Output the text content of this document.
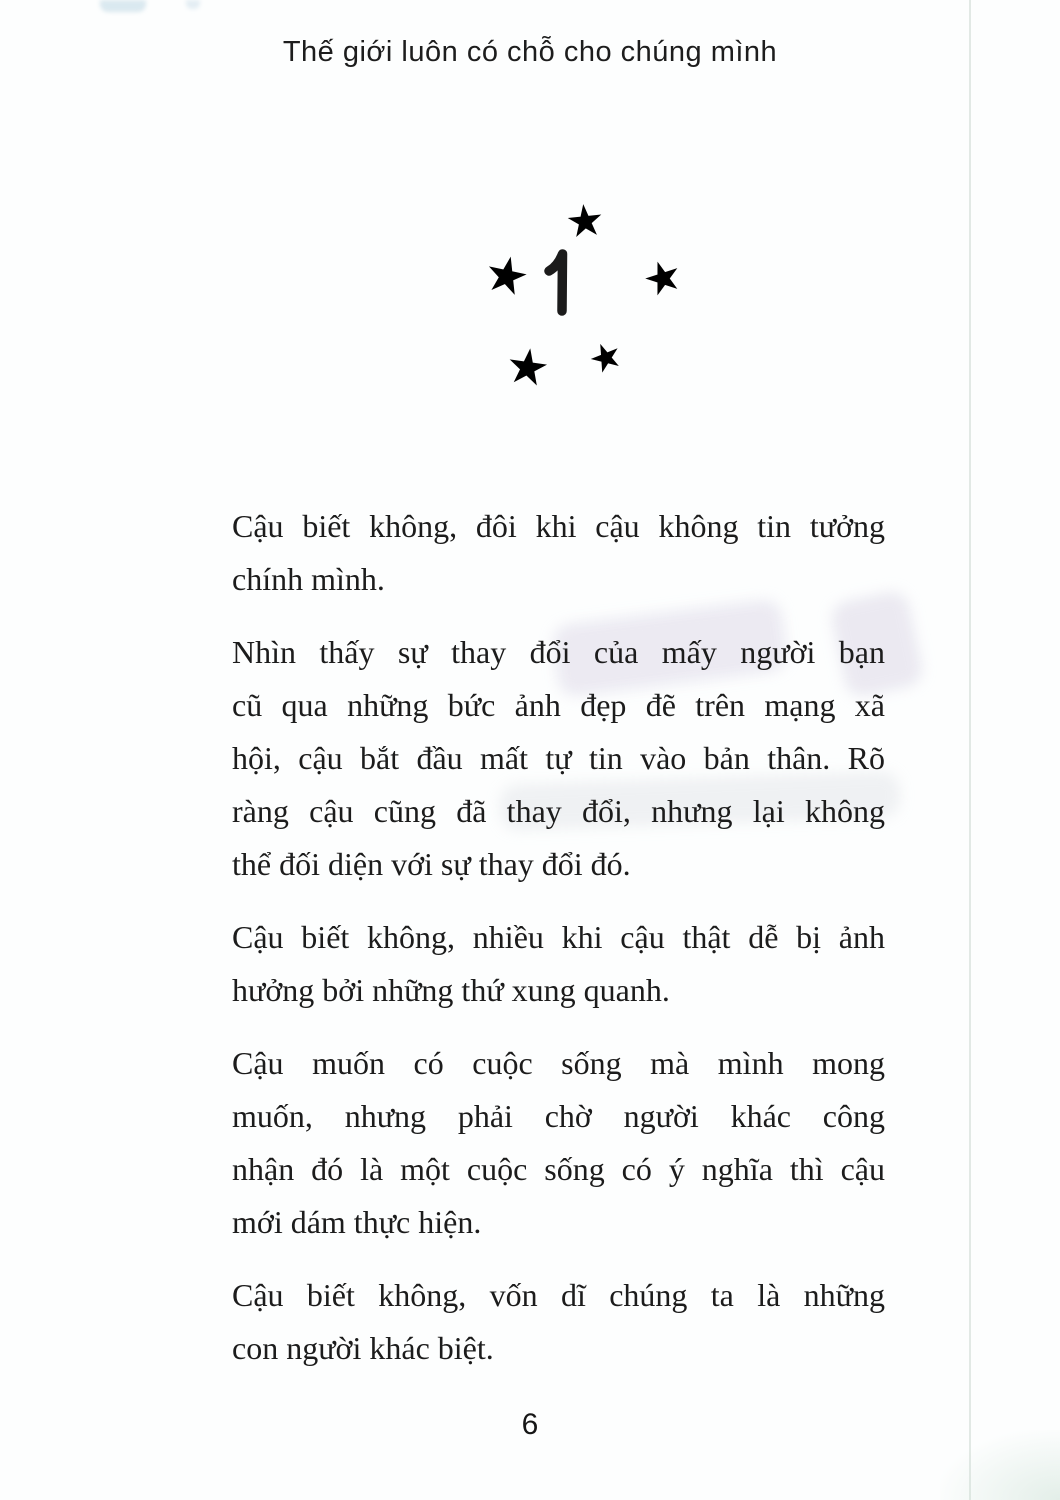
Thế giới luôn có chỗ cho chúng mình
Cậu biết không, đôi khi cậu không tin tưởng
chính mình.
Nhìn thấy sự thay đổi của mấy người bạn
cũ qua những bức ảnh đẹp đẽ trên mạng xã
hội, cậu bắt đầu mất tự tin vào bản thân. Rõ
ràng cậu cũng đã thay đổi, nhưng lại không
thể đối diện với sự thay đổi đó.
Cậu biết không, nhiều khi cậu thật dễ bị ảnh
hưởng bởi những thứ xung quanh.
Cậu muốn có cuộc sống mà mình mong
muốn, nhưng phải chờ người khác công
nhận đó là một cuộc sống có ý nghĩa thì cậu
mới dám thực hiện.
Cậu biết không, vốn dĩ chúng ta là những
con người khác biệt.
6
